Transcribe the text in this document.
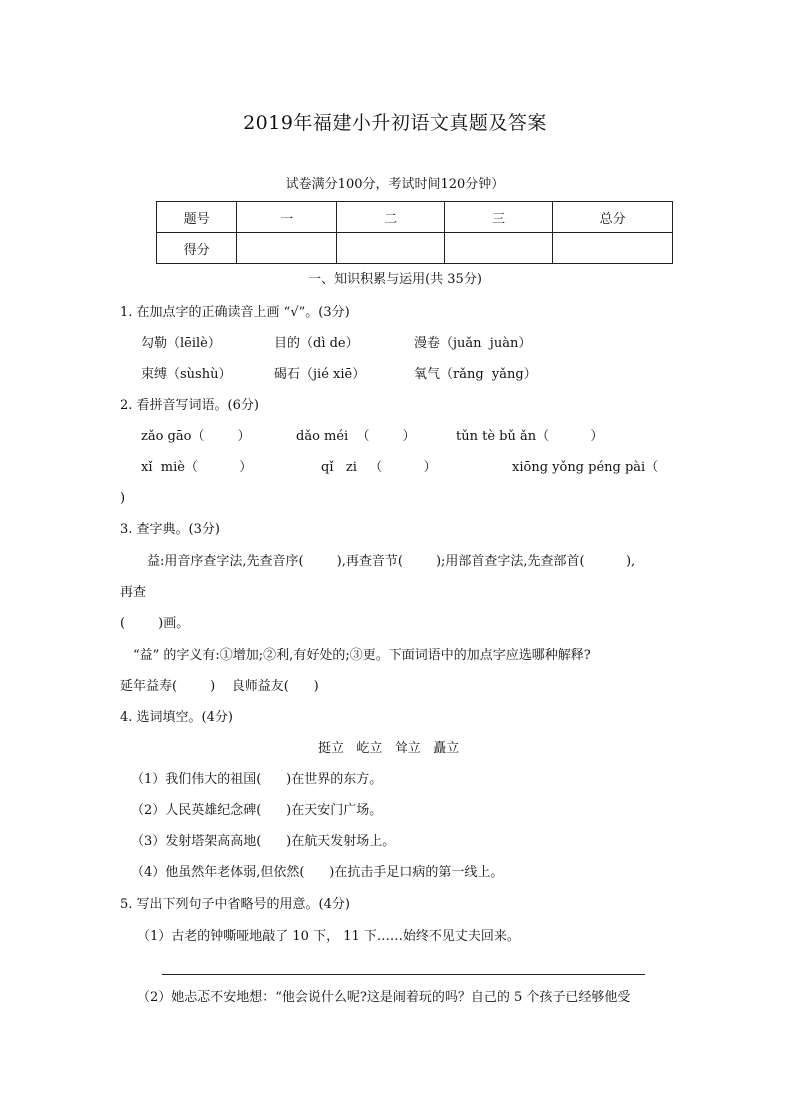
2019年福建小升初语文真题及答案
试卷满分100分，考试时间120分钟）
题号	一	二	三	总分
得分				
一、知识积累与运用(共 35分)
1. 在加点字的正确读音上画 “√”。(3分)
勾勒（lēilè）	目的（dì de）	漫卷（juǎn  juàn）
束缚（sùshù）	碣石（jié xiē）	氧气（rǎng  yǎng）
2. 看拼音写词语。(6分)
zǎo gāo（        ）	dǎo méi  （        ）	tǔn tè bǔ ǎn（          ）
xǐ  miè（          ）	qǐ   zi   （          ）	xiōng yǒng péng pài（
)
3. 查字典。(3分)
益:用音序查字法,先查音序(        ),再查音节(        );用部首查字法,先查部首(          ),
再查
(        )画。
“益” 的字义有:①增加;②利,有好处的;③更。下面词语中的加点字应选哪种解释?
延年益寿(        )    良师益友(      )
4. 选词填空。(4分)
挺立   屹立   耸立   矗立
（1）我们伟大的祖国(      )在世界的东方。
（2）人民英雄纪念碑(      )在天安门广场。
（3）发射塔架高高地(      )在航天发射场上。
（4）他虽然年老体弱,但依然(      )在抗击手足口病的第一线上。
5. 写出下列句子中省略号的用意。(4分)
（1）古老的钟嘶哑地敲了 10 下， 11 下……始终不见丈夫回来。
（2）她忐忑不安地想：“他会说什么呢?这是闹着玩的吗？自己的 5 个孩子已经够他受
